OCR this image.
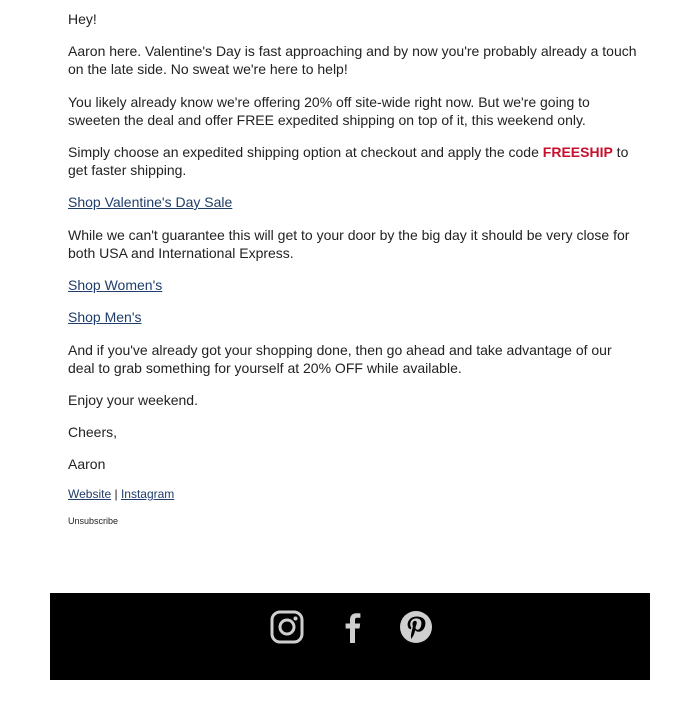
Hey!

Aaron here. Valentine's Day is fast approaching and by now you're probably already a touch on the late side. No sweat we're here to help!

You likely already know we're offering 20% off site-wide right now. But we're going to sweeten the deal and offer FREE expedited shipping on top of it, this weekend only.

Simply choose an expedited shipping option at checkout and apply the code FREESHIP to get faster shipping.

Shop Valentine's Day Sale

While we can't guarantee this will get to your door by the big day it should be very close for both USA and International Express.

Shop Women's

Shop Men's

And if you've already got your shopping done, then go ahead and take advantage of our deal to grab something for yourself at 20% OFF while available.

Enjoy your weekend.

Cheers,

Aaron

Website | Instagram
Unsubscribe
